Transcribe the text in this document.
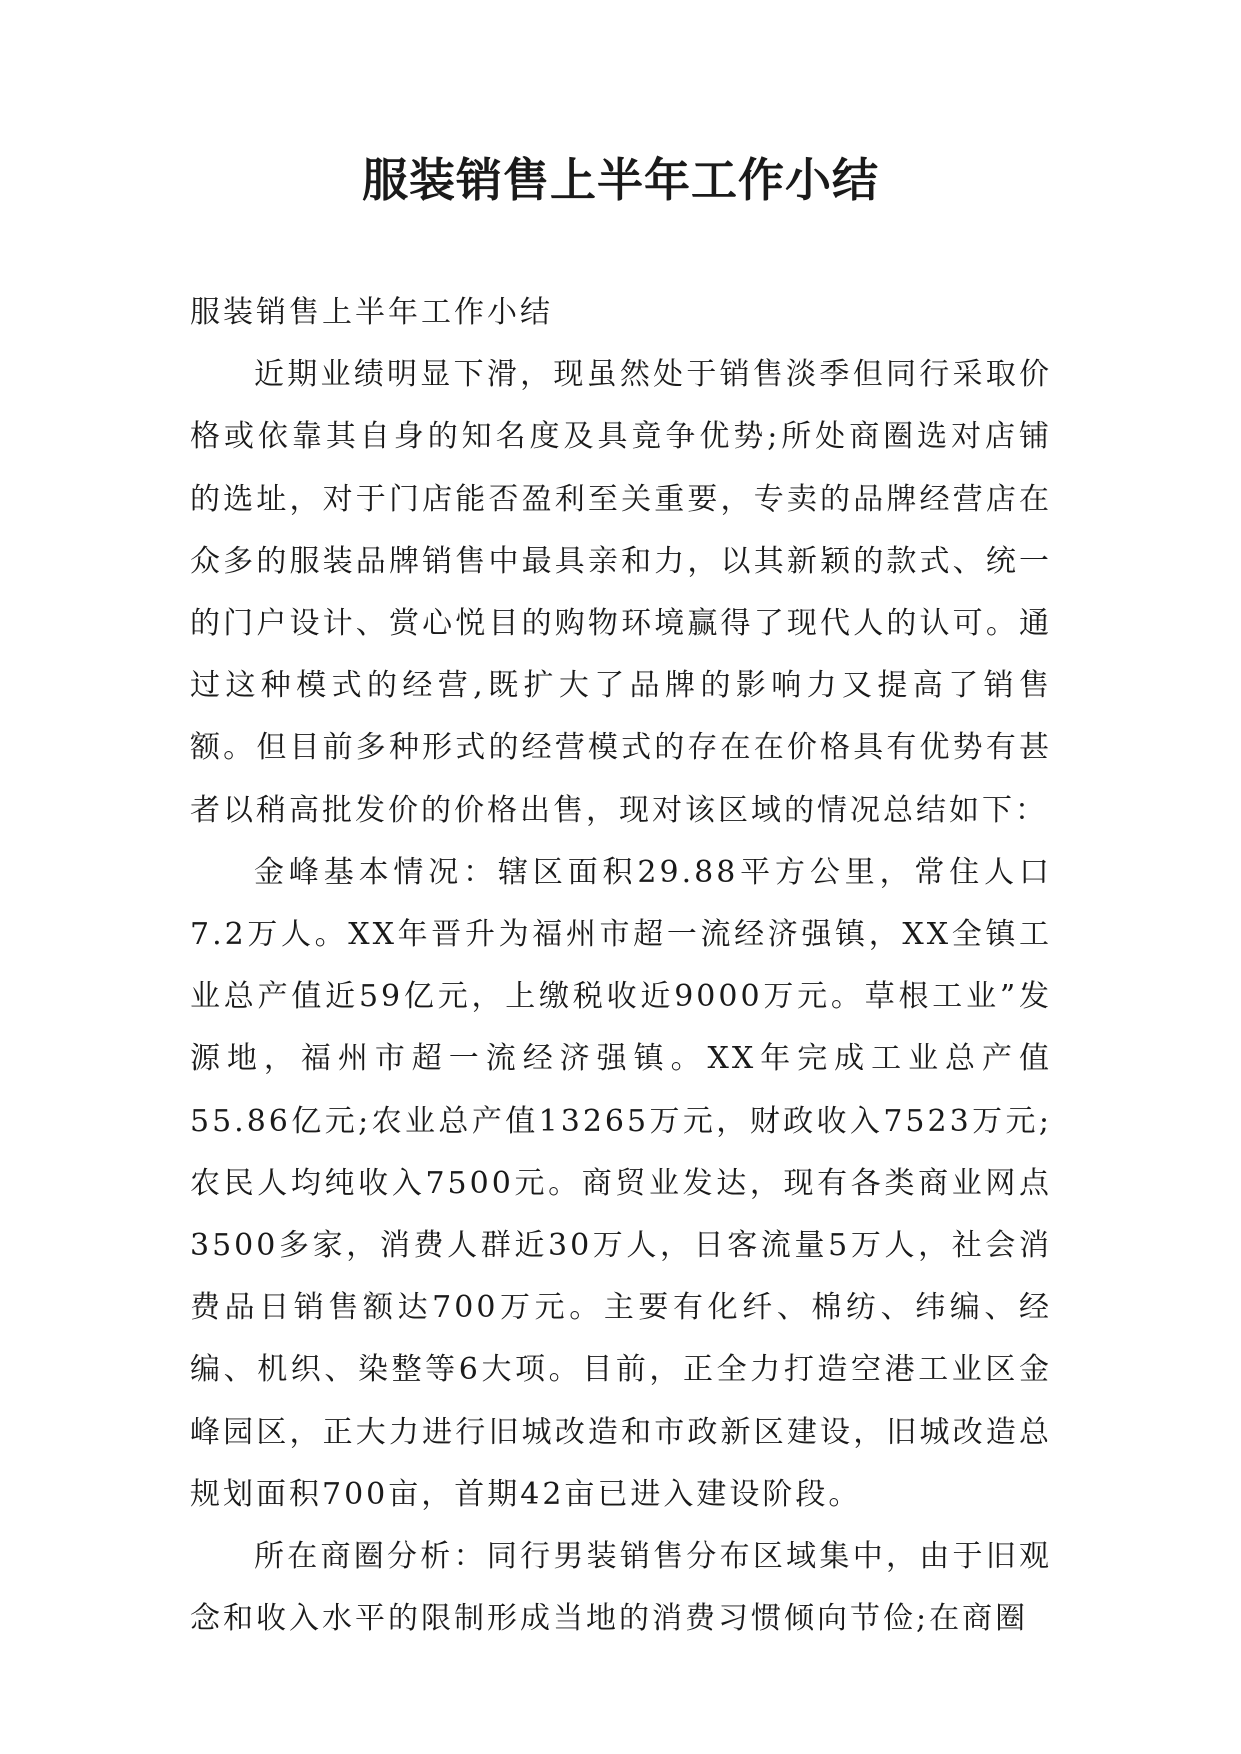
服装销售上半年工作小结

服装销售上半年工作小结

近期业绩明显下滑，现虽然处于销售淡季但同行采取价格或依靠其自身的知名度及具竟争优势;所处商圈选对店铺的选址，对于门店能否盈利至关重要，专卖的品牌经营店在众多的服装品牌销售中最具亲和力，以其新颖的款式、统一的门户设计、赏心悦目的购物环境赢得了现代人的认可。通过这种模式的经营,既扩大了品牌的影响力又提高了销售额。但目前多种形式的经营模式的存在在价格具有优势有甚者以稍高批发价的价格出售，现对该区域的情况总结如下：

金峰基本情况：辖区面积29.88平方公里，常住人口7.2万人。XX年晋升为福州市超一流经济强镇，XX全镇工业总产值近59亿元，上缴税收近9000万元。草根工业”发源地，福州市超一流经济强镇。XX年完成工业总产值55.86亿元;农业总产值13265万元，财政收入7523万元;农民人均纯收入7500元。商贸业发达，现有各类商业网点3500多家，消费人群近30万人，日客流量5万人，社会消费品日销售额达700万元。主要有化纤、棉纺、纬编、经编、机织、染整等6大项。目前，正全力打造空港工业区金峰园区，正大力进行旧城改造和市政新区建设，旧城改造总规划面积700亩，首期42亩已进入建设阶段。

所在商圈分析：同行男装销售分布区域集中，由于旧观念和收入水平的限制形成当地的消费习惯倾向节俭;在商圈
